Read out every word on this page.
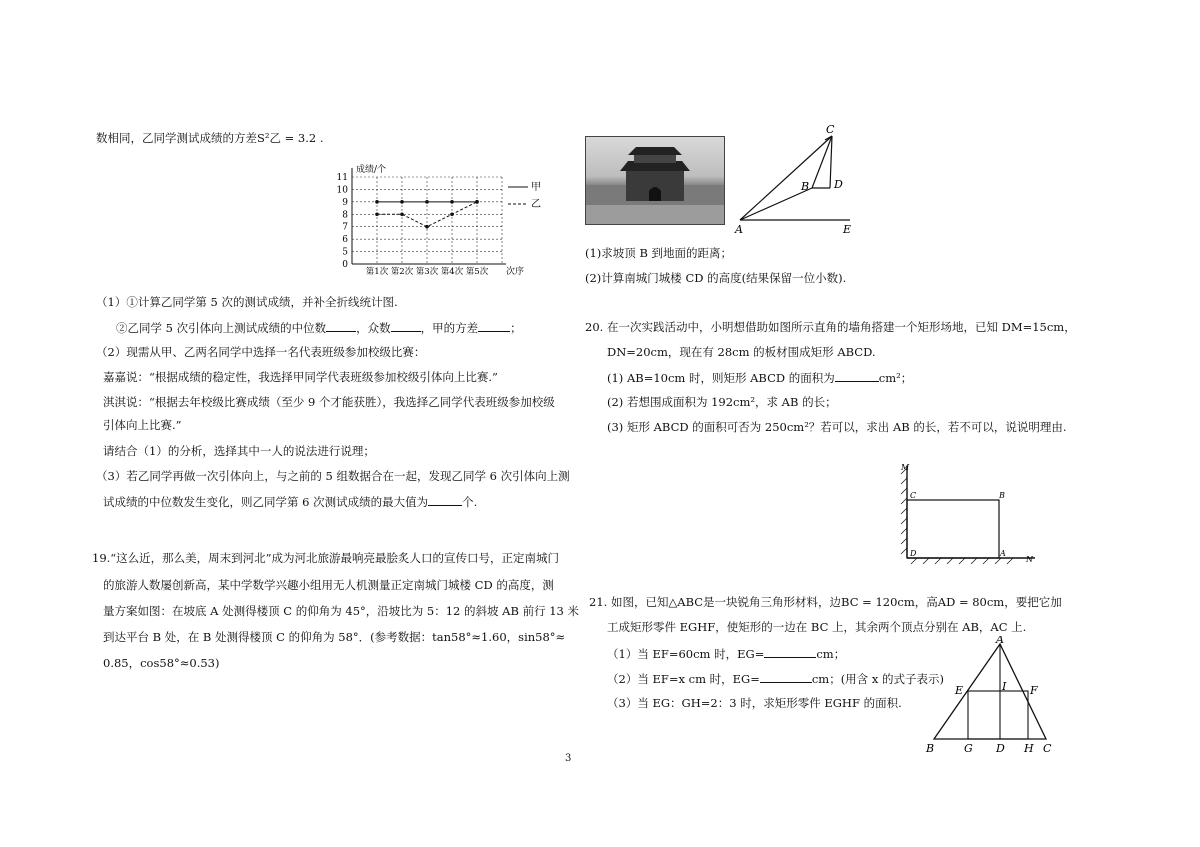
数相同，乙同学测试成绩的方差S²乙 = 3.2 .
成绩/个
0
5
6
7
8
9
10
11
第1次 第2次 第3次 第4次 第5次 次序
甲
乙
（1）①计算乙同学第 5 次的测试成绩，并补全折线统计图.
②乙同学 5 次引体向上测试成绩的中位数	，众数	，甲的方差	；
（2）现需从甲、乙两名同学中选择一名代表班级参加校级比赛：
嘉嘉说：“根据成绩的稳定性，我选择甲同学代表班级参加校级引体向上比赛.”
淇淇说：“根据去年校级比赛成绩（至少 9 个才能获胜），我选择乙同学代表班级参加校级
引体向上比赛.”
请结合（1）的分析，选择其中一人的说法进行说理；
（3）若乙同学再做一次引体向上，与之前的 5 组数据合在一起，发现乙同学 6 次引体向上测
试成绩的中位数发生变化，则乙同学第 6 次测试成绩的最大值为	个.
19.“这么近，那么美，周末到河北”成为河北旅游最响亮最脍炙人口的宣传口号，正定南城门
的旅游人数屡创新高，某中学数学兴趣小组用无人机测量正定南城门城楼 CD 的高度，测
量方案如图：在坡底 A 处测得楼顶 C 的仰角为 45°，沿坡比为 5：12 的斜坡 AB 前行 13 米
到达平台 B 处，在 B 处测得楼顶 C 的仰角为 58°．(参考数据：tan58°≈1.60，sin58°≈
0.85，cos58°≈0.53)
C
B D
A	E
(1)求坡顶 B 到地面的距离；
(2)计算南城门城楼 CD 的高度(结果保留一位小数).
20. 在一次实践活动中，小明想借助如图所示直角的墙角搭建一个矩形场地，已知 DM=15cm，
DN=20cm，现在有 28cm 的板材围成矩形 ABCD.
(1) AB=10cm 时，则矩形 ABCD 的面积为	cm²；
(2) 若想围成面积为 192cm²，求 AB 的长；
(3) 矩形 ABCD 的面积可否为 250cm²？若可以，求出 AB 的长，若不可以，说说明理由.
M
C	B
D	A
N
21. 如图，已知△ABC是一块锐角三角形材料，边BC = 120cm，高AD = 80cm，要把它加
工成矩形零件 EGHF，使矩形的一边在 BC 上，其余两个顶点分别在 AB，AC 上.
（1）当 EF=60cm 时，EG=	cm；
（2）当 EF=x cm 时，EG=	cm；(用含 x 的式子表示)
（3）当 EG：GH=2：3 时，求矩形零件 EGHF 的面积.
A
E	I F
B	G D H C
3
